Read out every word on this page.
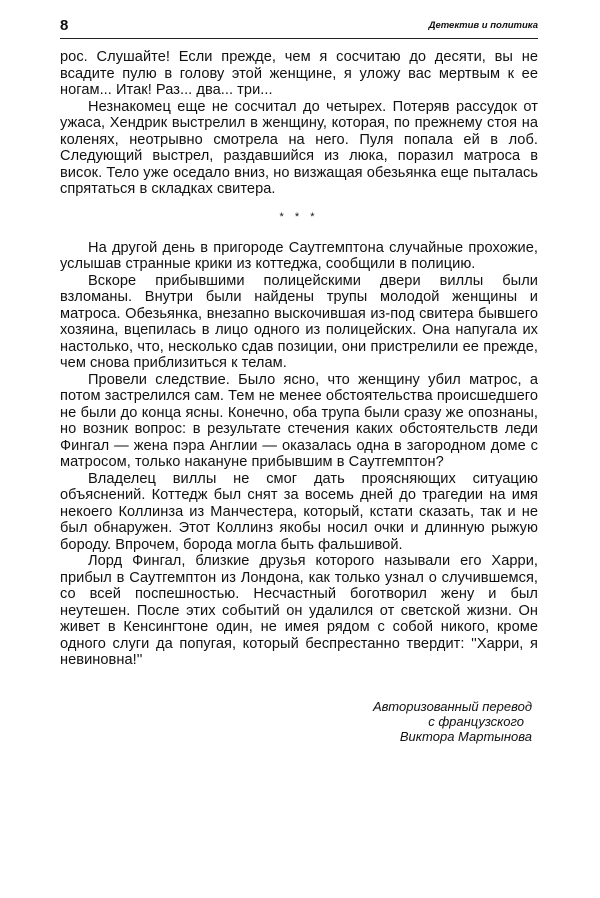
8	Детектив и политика

рос. Слушайте! Если прежде, чем я сосчитаю до десяти, вы не всадите пулю в голову этой женщине, я уложу вас мертвым к ее ногам... Итак! Раз... два... три...

Незнакомец еще не сосчитал до четырех. Потеряв рассудок от ужаса, Хендрик выстрелил в женщину, которая, по прежнему стоя на коленях, неотрывно смотрела на него. Пуля попала ей в лоб. Следующий выстрел, раздавшийся из люка, поразил матроса в висок. Тело уже оседало вниз, но визжащая обезьянка еще пыталась спрятаться в складках свитера.

* * *

На другой день в пригороде Саутгемптона случайные прохожие, услышав странные крики из коттеджа, сообщили в полицию.

Вскоре прибывшими полицейскими двери виллы были взломаны. Внутри были найдены трупы молодой женщины и матроса. Обезьянка, внезапно выскочившая из-под свитера бывшего хозяина, вцепилась в лицо одного из полицейских. Она напугала их настолько, что, несколько сдав позиции, они пристрелили ее прежде, чем снова приблизиться к телам.

Провели следствие. Было ясно, что женщину убил матрос, а потом застрелился сам. Тем не менее обстоятельства происшедшего не были до конца ясны. Конечно, оба трупа были сразу же опознаны, но возник вопрос: в результате стечения каких обстоятельств леди Фингал — жена пэра Англии — оказалась одна в загородном доме с матросом, только накануне прибывшим в Саутгемптон?

Владелец виллы не смог дать проясняющих ситуацию объяснений. Коттедж был снят за восемь дней до трагедии на имя некоего Коллинза из Манчестера, который, кстати сказать, так и не был обнаружен. Этот Коллинз якобы носил очки и длинную рыжую бороду. Впрочем, борода могла быть фальшивой.

Лорд Фингал, близкие друзья которого называли его Харри, прибыл в Саутгемптон из Лондона, как только узнал о случившемся, со всей поспешностью. Несчастный боготворил жену и был неутешен. После этих событий он удалился от светской жизни. Он живет в Кенсингтоне один, не имея рядом с собой никого, кроме одного слуги да попугая, который беспрестанно твердит: ''Харри, я невиновна!''

Авторизованный перевод
с французского
Виктора Мартынова
